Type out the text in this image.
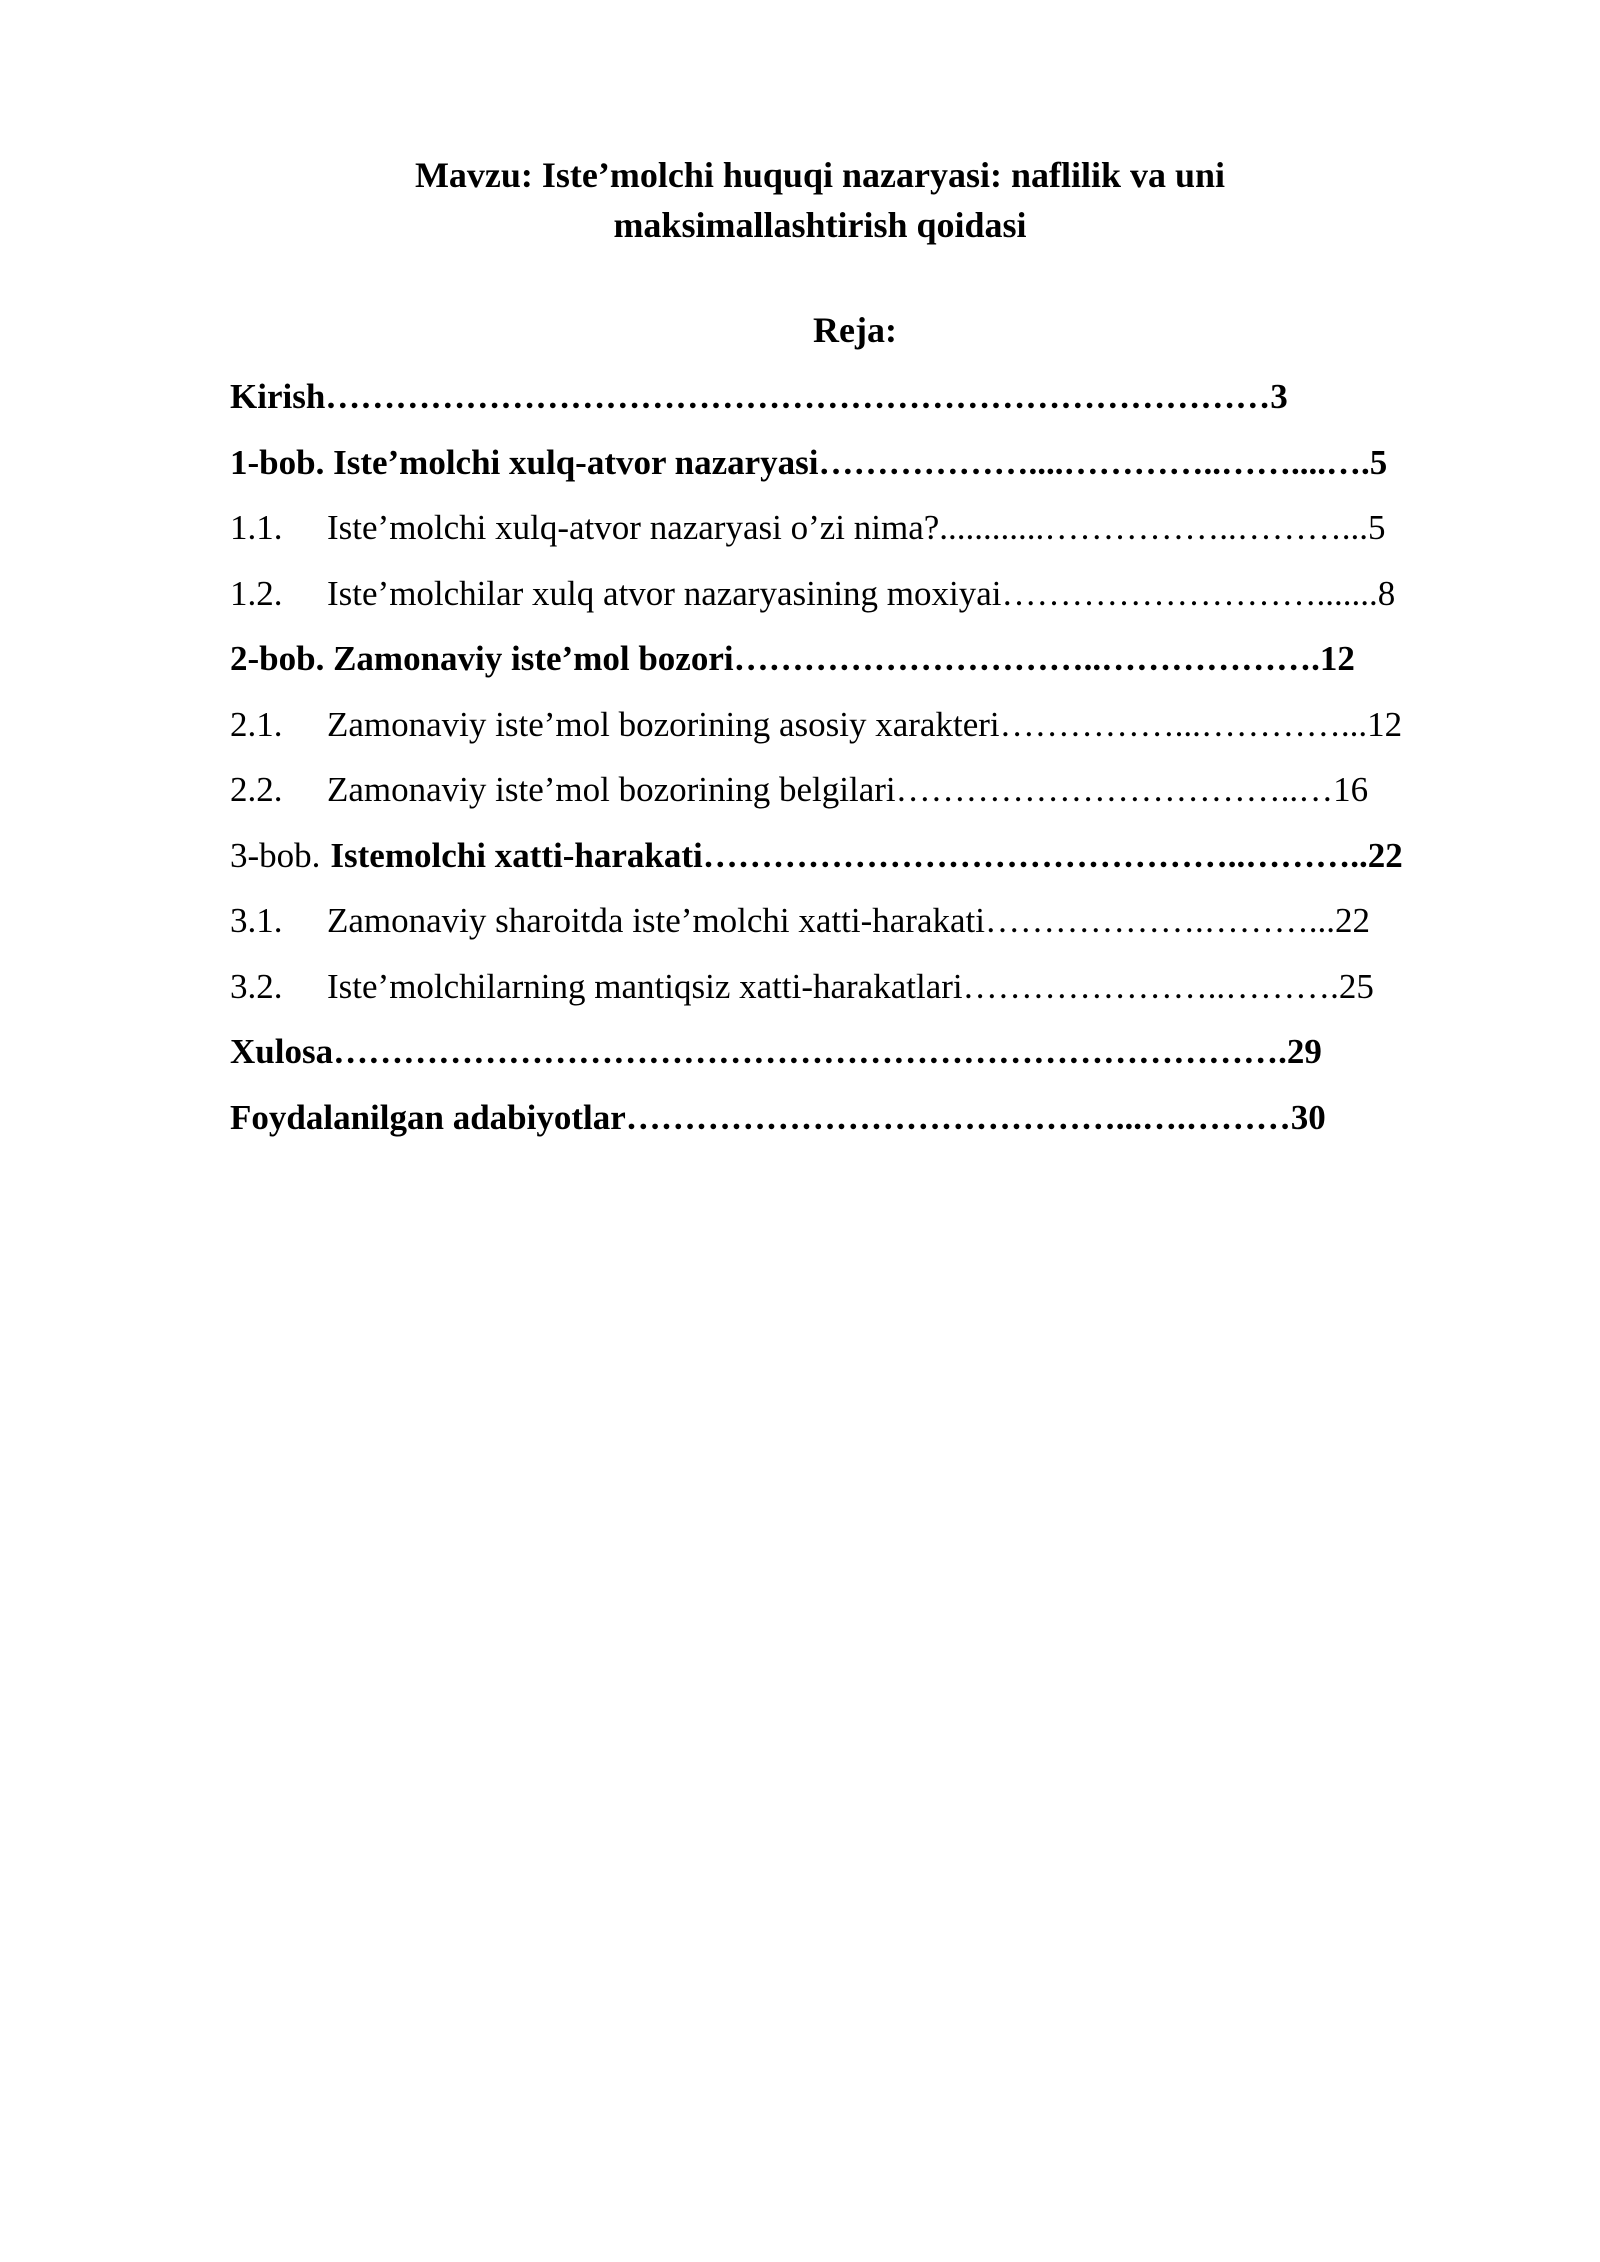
Mavzu: Iste’molchi huquqi nazaryasi: naflilik va uni
maksimallashtirish qoidasi
Reja:
Kirish………………………………………………………………………3
1-bob. Iste’molchi xulq-atvor nazaryasi………………....…………..……....….5
1.1. Iste’molchi xulq-atvor nazaryasi o’zi nima?............……………..………...5
1.2. Iste’molchilar xulq atvor nazaryasining moxiyai……………………….......8
2-bob. Zamonaviy iste’mol bozori…………………………..……………….12
2.1. Zamonaviy iste’mol bozorining asosiy xarakteri……………...…………...12
2.2. Zamonaviy iste’mol bozorining belgilari……………………………..…16
3-bob. Istemolchi xatti-harakati………………………………………..………..22
3.1. Zamonaviy sharoitda iste’molchi xatti-harakati……………….………...22
3.2. Iste’molchilarning mantiqsiz xatti-harakatlari…………………..……….25
Xulosa……………………………………………………………………….29
Foydalanilgan adabiyotlar……………………………………...….………30
